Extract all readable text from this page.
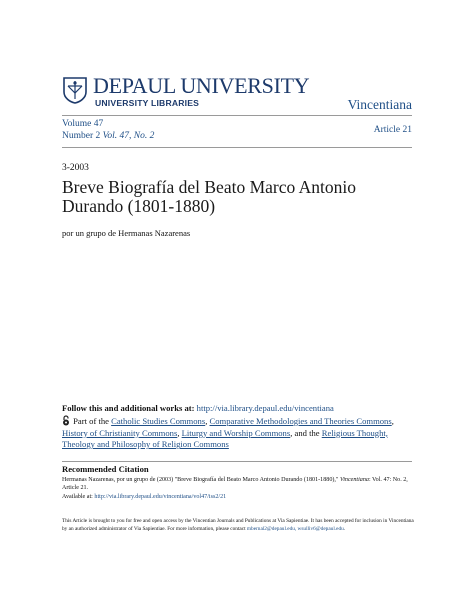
DEPAUL UNIVERSITY
UNIVERSITY LIBRARIES	Vincentiana
Volume 47
Number 2 Vol. 47, No. 2
Article 21
3-2003
Breve Biografía del Beato Marco Antonio Durando (1801-1880)
por un grupo de Hermanas Nazarenas
Follow this and additional works at: http://via.library.depaul.edu/vincentiana
Part of the Catholic Studies Commons, Comparative Methodologies and Theories Commons, History of Christianity Commons, Liturgy and Worship Commons, and the Religious Thought, Theology and Philosophy of Religion Commons
Recommended Citation
Hermanas Nazarenas, por un grupo de (2003) "Breve Biografía del Beato Marco Antonio Durando (1801-1880)," Vincentiana: Vol. 47: No. 2, Article 21.
Available at: http://via.library.depaul.edu/vincentiana/vol47/iss2/21
This Article is brought to you for free and open access by the Vincentian Journals and Publications at Via Sapientiae. It has been accepted for inclusion in Vincentiana by an authorized administrator of Via Sapientiae. For more information, please contact mbernal2@depaul.edu, wsulliv6@depaul.edu.
